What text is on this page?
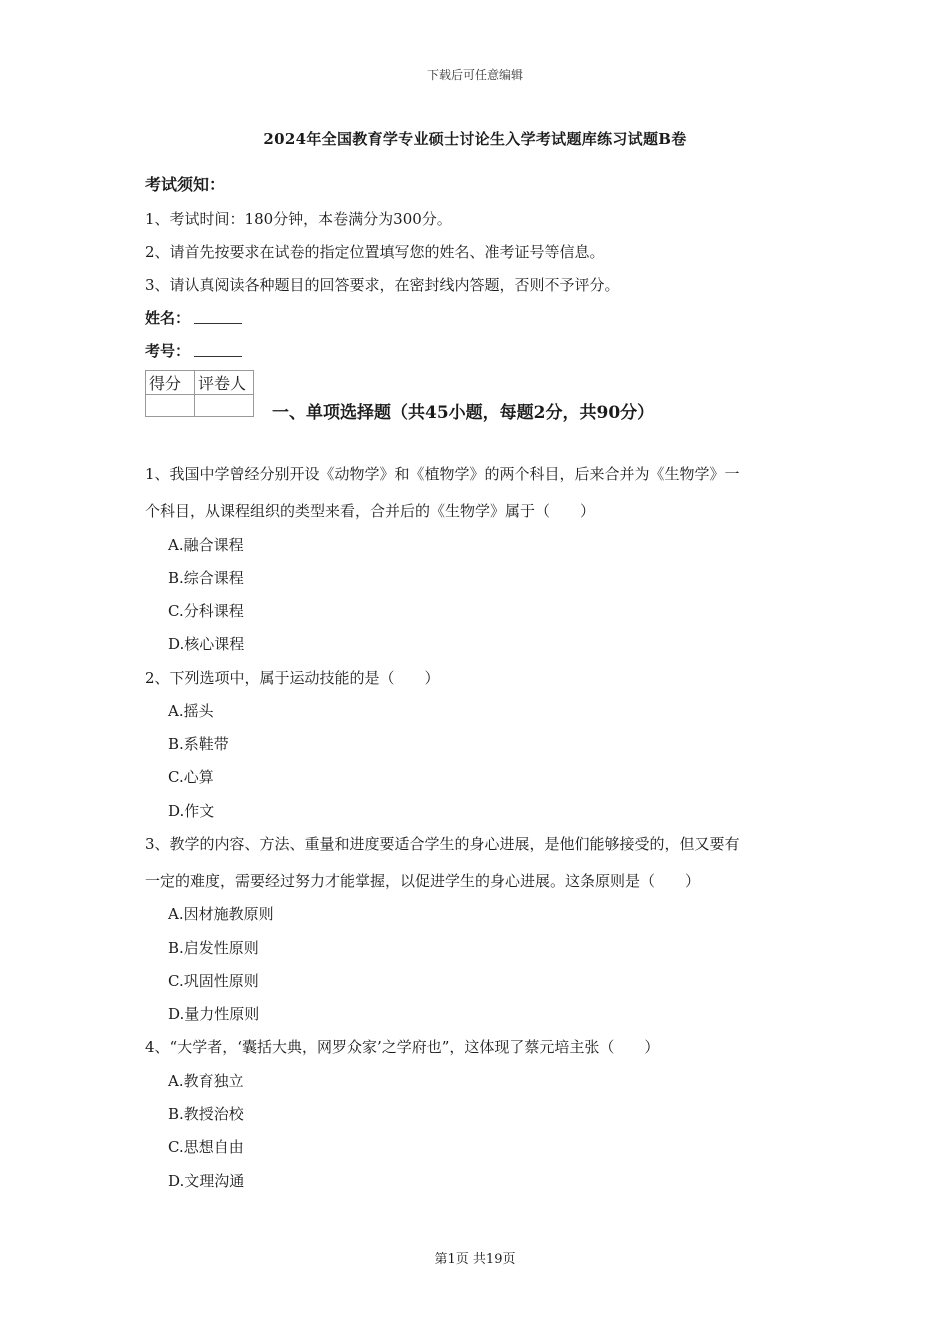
下载后可任意编辑
2024年全国教育学专业硕士讨论生入学考试题库练习试题B卷
考试须知：
1、考试时间：180分钟，本卷满分为300分。
2、请首先按要求在试卷的指定位置填写您的姓名、准考证号等信息。
3、请认真阅读各种题目的回答要求，在密封线内答题，否则不予评分。
姓名：
考号：
得分	评卷人

一、单项选择题（共45小题，每题2分，共90分）
1、我国中学曾经分别开设《动物学》和《植物学》的两个科目，后来合并为《生物学》一
个科目，从课程组织的类型来看，合并后的《生物学》属于（　　）
A.融合课程
B.综合课程
C.分科课程
D.核心课程
2、下列选项中，属于运动技能的是（　　）
A.摇头
B.系鞋带
C.心算
D.作文
3、教学的内容、方法、重量和进度要适合学生的身心进展，是他们能够接受的，但又要有
一定的难度，需要经过努力才能掌握，以促进学生的身心进展。这条原则是（　　）
A.因材施教原则
B.启发性原则
C.巩固性原则
D.量力性原则
4、“大学者，‘囊括大典，网罗众家’之学府也”，这体现了蔡元培主张（　　）
A.教育独立
B.教授治校
C.思想自由
D.文理沟通
第1页 共19页
